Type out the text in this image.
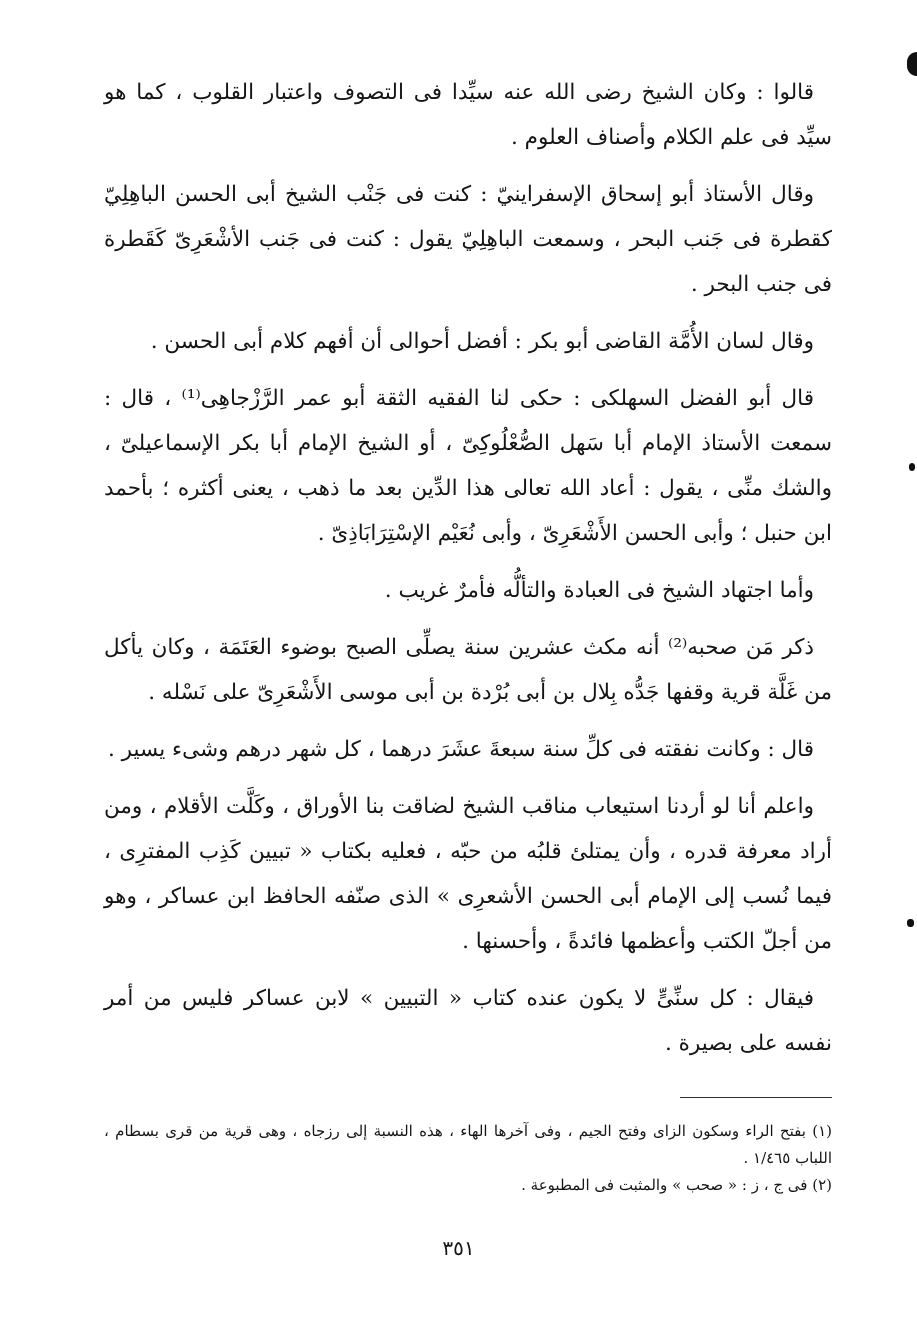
قالوا : وكان الشيخ رضى الله عنه سيِّدا فى التصوف واعتبار القلوب ، كما هو سيِّد فى علم الكلام وأصناف العلوم .

وقال الأستاذ أبو إسحاق الإسفراينيّ : كنت فى جَنْب الشيخ أبى الحسن الباهِلِيّ كقطرة فى جَنب البحر ، وسمعت الباهِلِيّ يقول : كنت فى جَنب الأشْعَرِىّ كَقَطرة فى جنب البحر .

وقال لسان الأُمَّة القاضى أبو بكر : أفضل أحوالى أن أفهم كلام أبى الحسن .

قال أبو الفضل السهلكى : حكى لنا الفقيه الثقة أبو عمر الرَّزْجاهِى⁽¹⁾ ، قال : سمعت الأستاذ الإمام أبا سَهل الصُّعْلُوكِىّ ، أو الشيخ الإمام أبا بكر الإسماعيلىّ ، والشك منِّى ، يقول : أعاد الله تعالى هذا الدِّين بعد ما ذهب ، يعنى أكثره ؛ بأحمد ابن حنبل ؛ وأبى الحسن الأَشْعَرِىّ ، وأبى نُعَيْم الإسْتِرَابَاذِىّ .

وأما اجتهاد الشيخ فى العبادة والتألُّه فأمرٌ غريب .

ذكر مَن صحبه⁽²⁾ أنه مكث عشرين سنة يصلِّى الصبح بوضوء العَتَمَة ، وكان يأكل من غَلَّة قرية وقفها جَدُّه بِلال بن أبى بُرْدة بن أبى موسى الأَشْعَرِىّ على نَسْله .

قال : وكانت نفقته فى كلِّ سنة سبعةَ عشَرَ درهما ، كل شهر درهم وشىء يسير .

واعلم أنا لو أردنا استيعاب مناقب الشيخ لضاقت بنا الأوراق ، وكَلَّت الأقلام ، ومن أراد معرفة قدره ، وأن يمتلئ قلبُه من حبّه ، فعليه بكتاب « تبيين كَذِب المفترِى ، فيما نُسب إلى الإمام أبى الحسن الأشعرِى » الذى صنّفه الحافظ ابن عساكر ، وهو من أجلّ الكتب وأعظمها فائدةً ، وأحسنها .

فيقال : كل سنِّىٍّ لا يكون عنده كتاب « التبيين » لابن عساكر فليس من أمر نفسه على بصيرة .

(١) بفتح الراء وسكون الزاى وفتح الجيم ، وفى آخرها الهاء ، هذه النسبة إلى رزجاه ، وهى قرية من قرى بسطام ، اللباب ١/٤٦٥ .

(٢) فى ج ، ز : « صحب » والمثبت فى المطبوعة .

٣٥١
